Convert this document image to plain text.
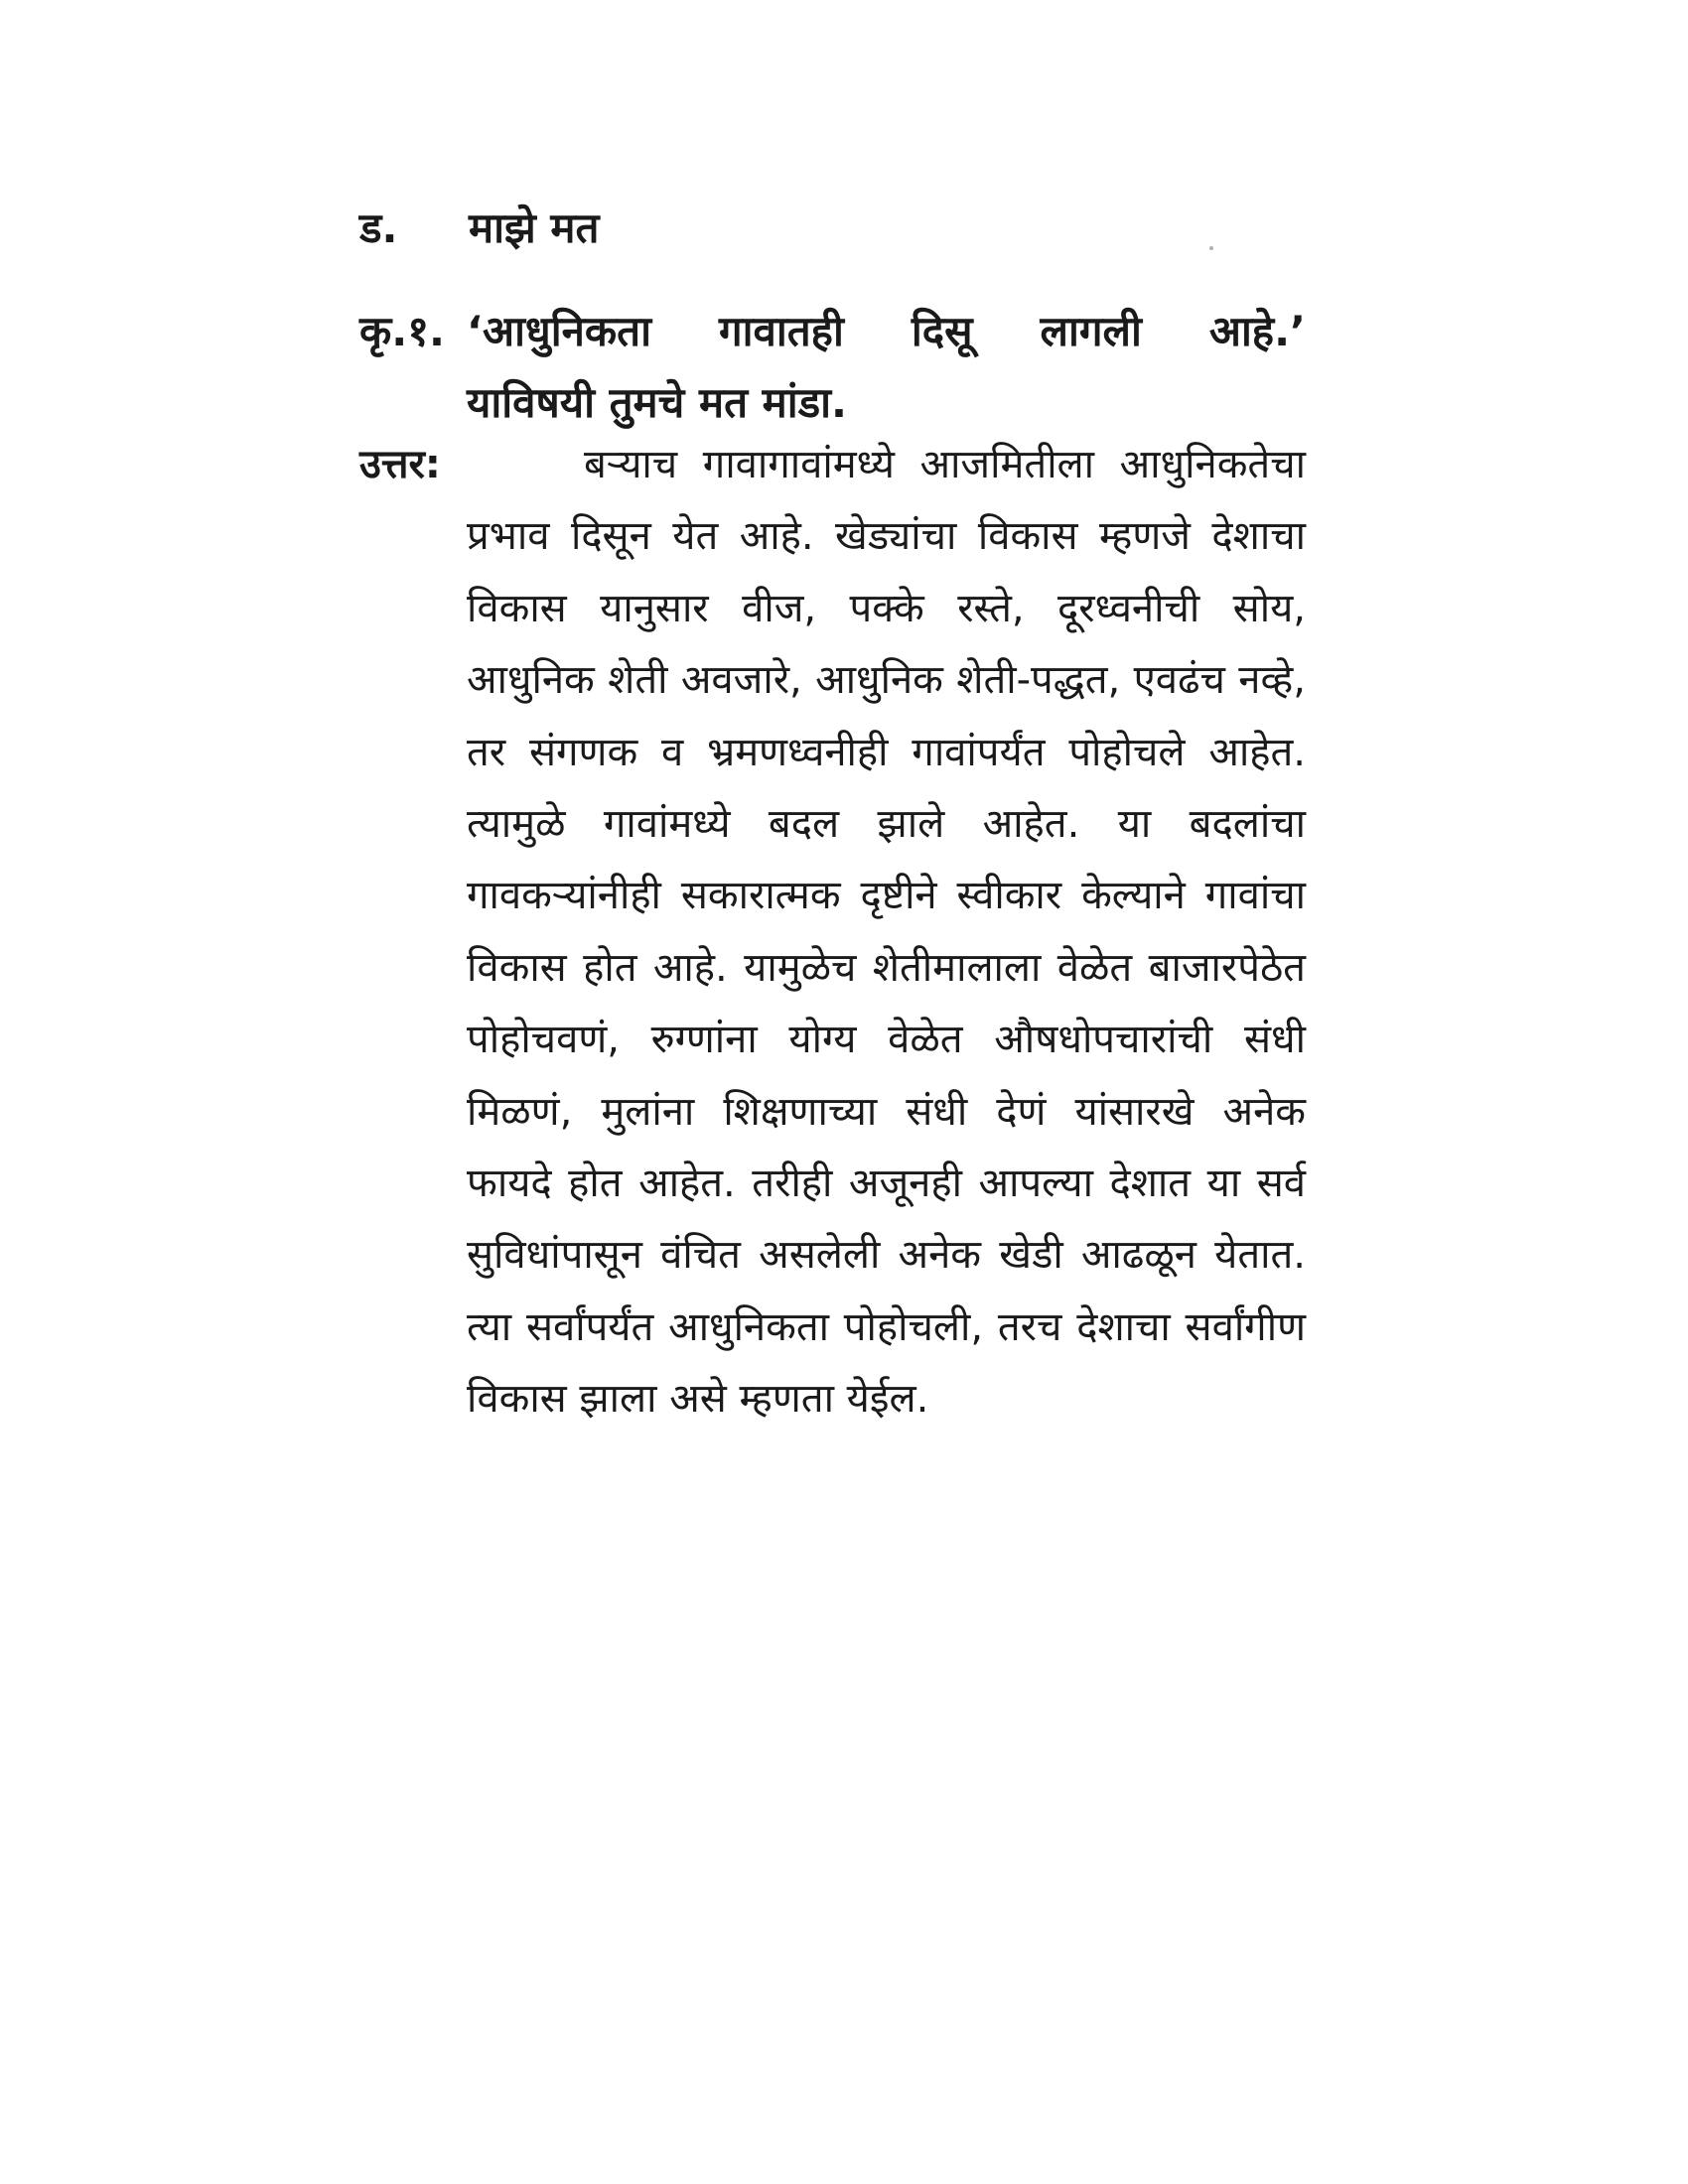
ड. माझे मत
कृ.१. ‘आधुनिकता गावातही दिसू लागली आहे.’
याविषयी तुमचे मत मांडा.
उत्तर:	बऱ्याच गावागावांमध्ये आजमितीला आधुनिकतेचा प्रभाव दिसून येत आहे. खेड्यांचा विकास म्हणजे देशाचा विकास यानुसार वीज, पक्के रस्ते, दूरध्वनीची सोय, आधुनिक शेती अवजारे, आधुनिक शेती-पद्धत, एवढंच नव्हे, तर संगणक व भ्रमणध्वनीही गावांपर्यंत पोहोचले आहेत. त्यामुळे गावांमध्ये बदल झाले आहेत. या बदलांचा गावकऱ्यांनीही सकारात्मक दृष्टीने स्वीकार केल्याने गावांचा विकास होत आहे. यामुळेच शेतीमालाला वेळेत बाजारपेठेत पोहोचवणं, रुग्णांना योग्य वेळेत औषधोपचारांची संधी मिळणं, मुलांना शिक्षणाच्या संधी देणं यांसारखे अनेक फायदे होत आहेत. तरीही अजूनही आपल्या देशात या सर्व सुविधांपासून वंचित असलेली अनेक खेडी आढळून येतात. त्या सर्वांपर्यंत आधुनिकता पोहोचली, तरच देशाचा सर्वांगीण विकास झाला असे म्हणता येईल.
